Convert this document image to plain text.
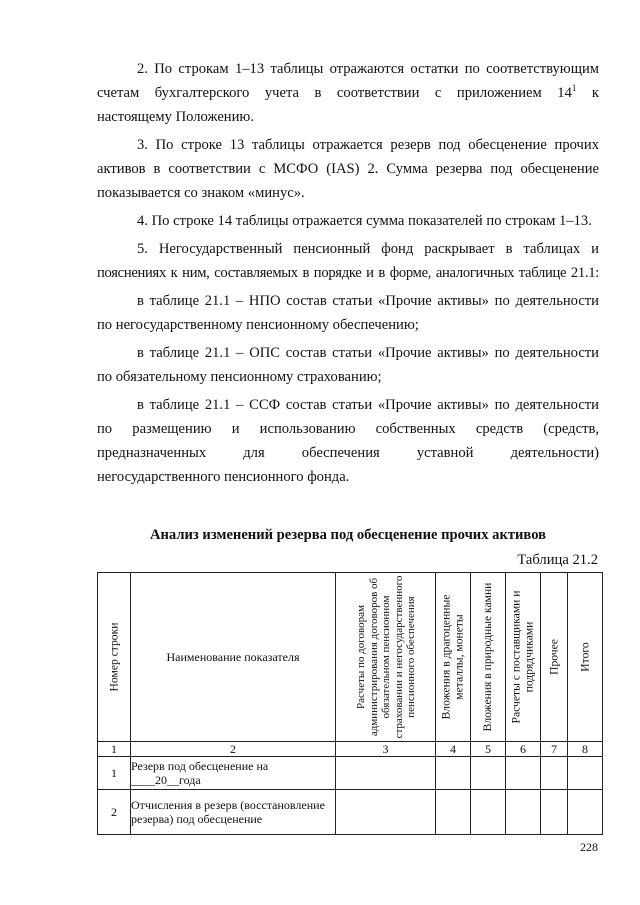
2. По строкам 1–13 таблицы отражаются остатки по соответствующим

счетам бухгалтерского учета в соответствии с приложением $14^1$ к

настоящему Положению.

3. По строке 13 таблицы отражается резерв под обесценение прочих

активов в соответствии с МСФО (IAS) 2. Сумма резерва под обесценение

показывается со знаком «минус».

4. По строке 14 таблицы отражается сумма показателей по строкам 1–13.

5. Негосударственный пенсионный фонд раскрывает в таблицах и

пояснениях к ним, составляемых в порядке и в форме, аналогичных таблице 21.1:

в таблице 21.1 – НПО состав статьи «Прочие активы» по деятельности

по негосударственному пенсионному обеспечению;

в таблице 21.1 – ОПС состав статьи «Прочие активы» по деятельности

по обязательному пенсионному страхованию;

в таблице 21.1 – ССФ состав статьи «Прочие активы» по деятельности

по размещению и использованию собственных средств (средств,

предназначенных для обеспечения уставной деятельности)

негосударственного пенсионного фонда.

Анализ изменений резерва под обесценение прочих активов

Таблица 21.2
Номер строки	Наименование показателя	Расчеты по договорам администрирования договоров об обязательном пенсионном страховании и негосударственного пенсионного обеспечения	Вложения в драгоценные металлы, монеты	Вложения в природные камни	Расчеты с поставщиками и подрядчиками	Прочее	Итого

1	2	3	4	5	6	7	8
1	Резерв под обесценение на ____20__года						
2	Отчисления в резерв (восстановление резерва) под обесценение						
228
